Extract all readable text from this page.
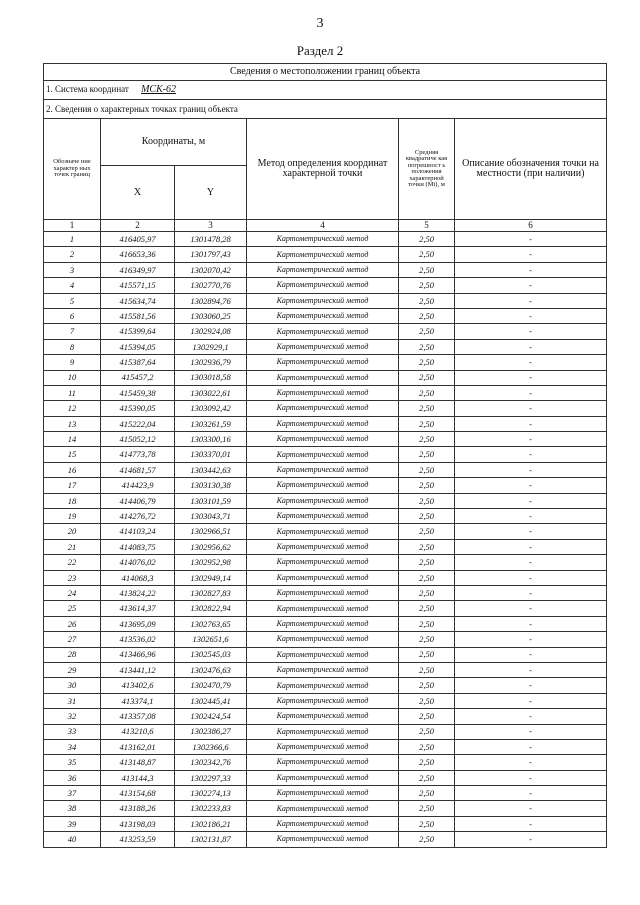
3
Раздел 2
Сведения о местоположении границ объекта					
1. Система координат МСК-62					
2. Сведения о характерных точках границ объекта					
Обозначе ние характер ных точек границ	Координаты, м		Метод определения координат характерной точки	Средняя квадратиче кая погрешност ь положения характерной точки (Mt), м	Описание обозначения точки на местности (при наличии)
	X	Y			
1	2	3	4	5	6
1	416405,97	1301478,28	Картометрический метод	2,50	-
2	416653,36	1301797,43	Картометрический метод	2,50	-
3	416349,97	1302070,42	Картометрический метод	2,50	-
4	415571,15	1302770,76	Картометрический метод	2,50	-
5	415634,74	1302894,76	Картометрический метод	2,50	-
6	415581,56	1303060,25	Картометрический метод	2,50	-
7	415399,64	1302924,08	Картометрический метод	2,50	-
8	415394,05	1302929,1	Картометрический метод	2,50	-
9	415387,64	1302936,79	Картометрический метод	2,50	-
10	415457,2	1303018,58	Картометрический метод	2,50	-
11	415459,38	1303022,61	Картометрический метод	2,50	-
12	415390,05	1303092,42	Картометрический метод	2,50	-
13	415222,04	1303261,59	Картометрический метод	2,50	-
14	415052,12	1303300,16	Картометрический метод	2,50	-
15	414773,78	1303370,01	Картометрический метод	2,50	-
16	414681,57	1303442,63	Картометрический метод	2,50	-
17	414423,9	1303130,38	Картометрический метод	2,50	-
18	414406,79	1303101,59	Картометрический метод	2,50	-
19	414276,72	1303043,71	Картометрический метод	2,50	-
20	414103,24	1302966,51	Картометрический метод	2,50	-
21	414083,75	1302956,62	Картометрический метод	2,50	-
22	414076,02	1302952,98	Картометрический метод	2,50	-
23	414068,3	1302949,14	Картометрический метод	2,50	-
24	413824,22	1302827,83	Картометрический метод	2,50	-
25	413614,37	1302822,94	Картометрический метод	2,50	-
26	413695,09	1302763,65	Картометрический метод	2,50	-
27	413536,02	1302651,6	Картометрический метод	2,50	-
28	413466,96	1302545,03	Картометрический метод	2,50	-
29	413441,12	1302476,63	Картометрический метод	2,50	-
30	413402,6	1302470,79	Картометрический метод	2,50	-
31	413374,1	1302445,41	Картометрический метод	2,50	-
32	413357,08	1302424,54	Картометрический метод	2,50	-
33	413210,6	1302386,27	Картометрический метод	2,50	-
34	413162,01	1302366,6	Картометрический метод	2,50	-
35	413148,87	1302342,76	Картометрический метод	2,50	-
36	413144,3	1302297,33	Картометрический метод	2,50	-
37	413154,68	1302274,13	Картометрический метод	2,50	-
38	413188,26	1302233,83	Картометрический метод	2,50	-
39	413198,03	1302186,21	Картометрический метод	2,50	-
40	413253,59	1302131,87	Картометрический метод	2,50	-
